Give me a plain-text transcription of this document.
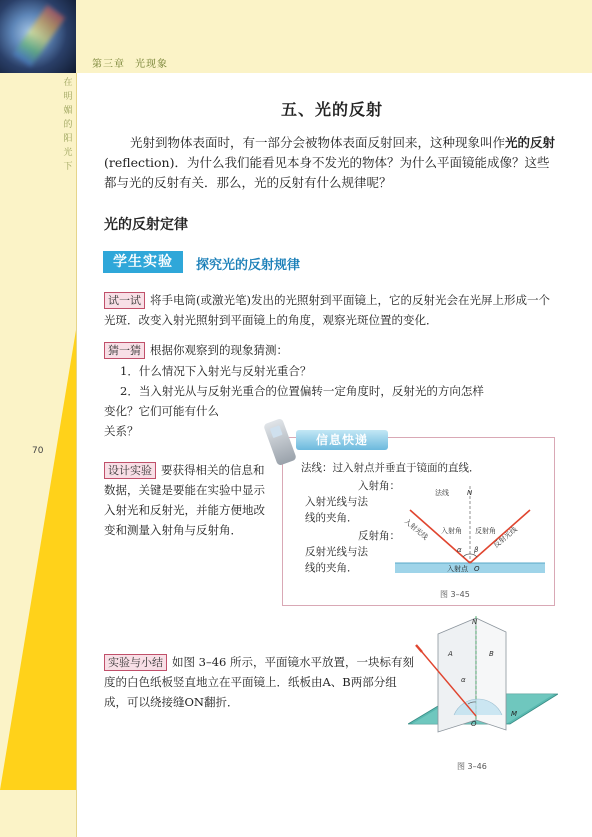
第三章 光现象
在明媚的阳光下
70
五、光的反射
光射到物体表面时，有一部分会被物体表面反射回来，这种现象叫作光的反射(reflection)．为什么我们能看见本身不发光的物体？为什么平面镜能成像？这些都与光的反射有关．那么，光的反射有什么规律呢？
光的反射定律
学生实验	探究光的反射规律
试一试 将手电筒(或激光笔)发出的光照射到平面镜上，它的反射光会在光屏上形成一个光斑．改变入射光照射到平面镜上的角度，观察光斑位置的变化．
猜一猜 根据你观察到的现象猜测：
1．什么情况下入射光与反射光重合？
2．当入射光从与反射光重合的位置偏转一定角度时，反射光的方向怎样
变化？它们可能有什么
关系？
设计实验 要获得相关的信息和数据，关键是要能在实验中显示入射光和反射光，并能方便地改变和测量入射角与反射角．
信息快递
法线：过入射点并垂直于镜面的直线．
入射角：
入射光线与法
线的夹角．
反射角：
反射光线与法
线的夹角．
法线	N
入射角 反射角
入射光线	反射光线
α β
入射点 O
图 3–45
实验与小结 如图 3–46 所示，平面镜水平放置，一块标有刻度的白色纸板竖直地立在平面镜上．纸板由A、B两部分组成，可以绕接缝ON翻折．
N
A	B
α
O
M
图 3–46
